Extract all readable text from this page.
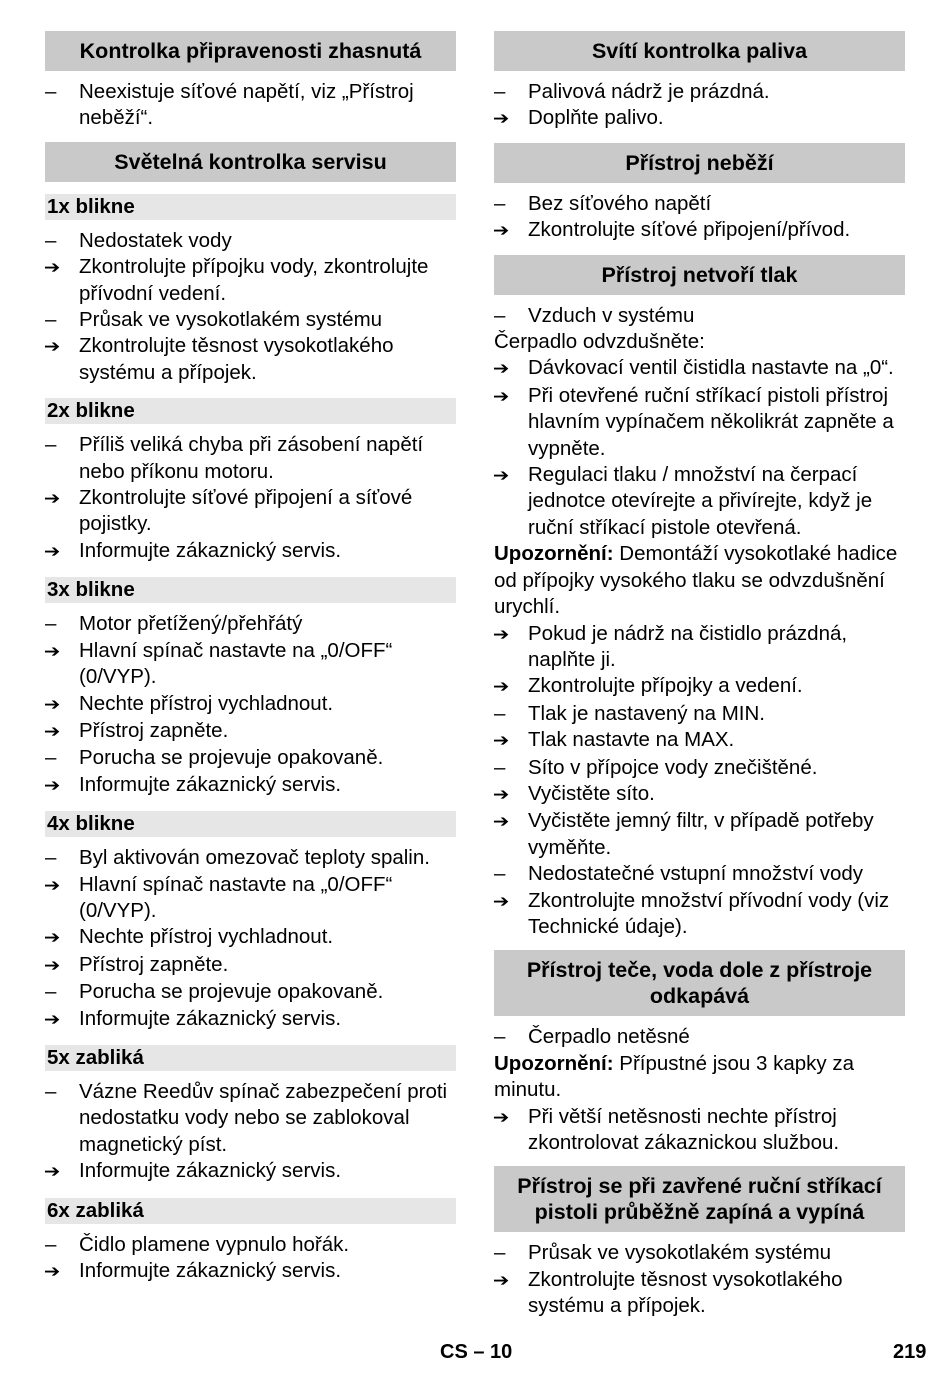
Kontrolka připravenosti zhasnutá
–	Neexistuje síťové napětí, viz „Přístroj neběží“.
Světelná kontrolka servisu
1x blikne
–	Nedostatek vody
➔ Zkontrolujte přípojku vody, zkontrolujte přívodní vedení.
–	Průsak ve vysokotlakém systému
➔ Zkontrolujte těsnost vysokotlakého systému a přípojek.
2x blikne
–	Příliš veliká chyba při zásobení napětí nebo příkonu motoru.
➔ Zkontrolujte síťové připojení a síťové pojistky.
➔ Informujte zákaznický servis.
3x blikne
–	Motor přetížený/přehřátý
➔ Hlavní spínač nastavte na „0/OFF“ (0/VYP).
➔ Nechte přístroj vychladnout.
➔ Přístroj zapněte.
–	Porucha se projevuje opakovaně.
➔ Informujte zákaznický servis.
4x blikne
–	Byl aktivován omezovač teploty spalin.
➔ Hlavní spínač nastavte na „0/OFF“ (0/VYP).
➔ Nechte přístroj vychladnout.
➔ Přístroj zapněte.
–	Porucha se projevuje opakovaně.
➔ Informujte zákaznický servis.
5x zabliká
–	Vázne Reedův spínač zabezpečení proti nedostatku vody nebo se zablokoval magnetický píst.
➔ Informujte zákaznický servis.
6x zabliká
–	Čidlo plamene vypnulo hořák.
➔ Informujte zákaznický servis.
Svítí kontrolka paliva
–	Palivová nádrž je prázdná.
➔ Doplňte palivo.
Přístroj neběží
–	Bez síťového napětí
➔ Zkontrolujte síťové připojení/přívod.
Přístroj netvoří tlak
–	Vzduch v systému
Čerpadlo odvzdušněte:
➔ Dávkovací ventil čistidla nastavte na „0“.
➔ Při otevřené ruční stříkací pistoli přístroj hlavním vypínačem několikrát zapněte a vypněte.
➔ Regulaci tlaku / množství na čerpací jednotce otevírejte a přivírejte, když je ruční stříkací pistole otevřená.
Upozornění: Demontáží vysokotlaké hadice od přípojky vysokého tlaku se odvzdušnění urychlí.
➔ Pokud je nádrž na čistidlo prázdná, naplňte ji.
➔ Zkontrolujte přípojky a vedení.
–	Tlak je nastavený na MIN.
➔ Tlak nastavte na MAX.
–	Síto v přípojce vody znečištěné.
➔ Vyčistěte síto.
➔ Vyčistěte jemný filtr, v případě potřeby vyměňte.
–	Nedostatečné vstupní množství vody
➔ Zkontrolujte množství přívodní vody (viz Technické údaje).
Přístroj teče, voda dole z přístroje odkapává
–	Čerpadlo netěsné
Upozornění: Přípustné jsou 3 kapky za minutu.
➔ Při větší netěsnosti nechte přístroj zkontrolovat zákaznickou službou.
Přístroj se při zavřené ruční stříkací pistoli průběžně zapíná a vypíná
–	Průsak ve vysokotlakém systému
➔ Zkontrolujte těsnost vysokotlakého systému a přípojek.
CS – 10	219
